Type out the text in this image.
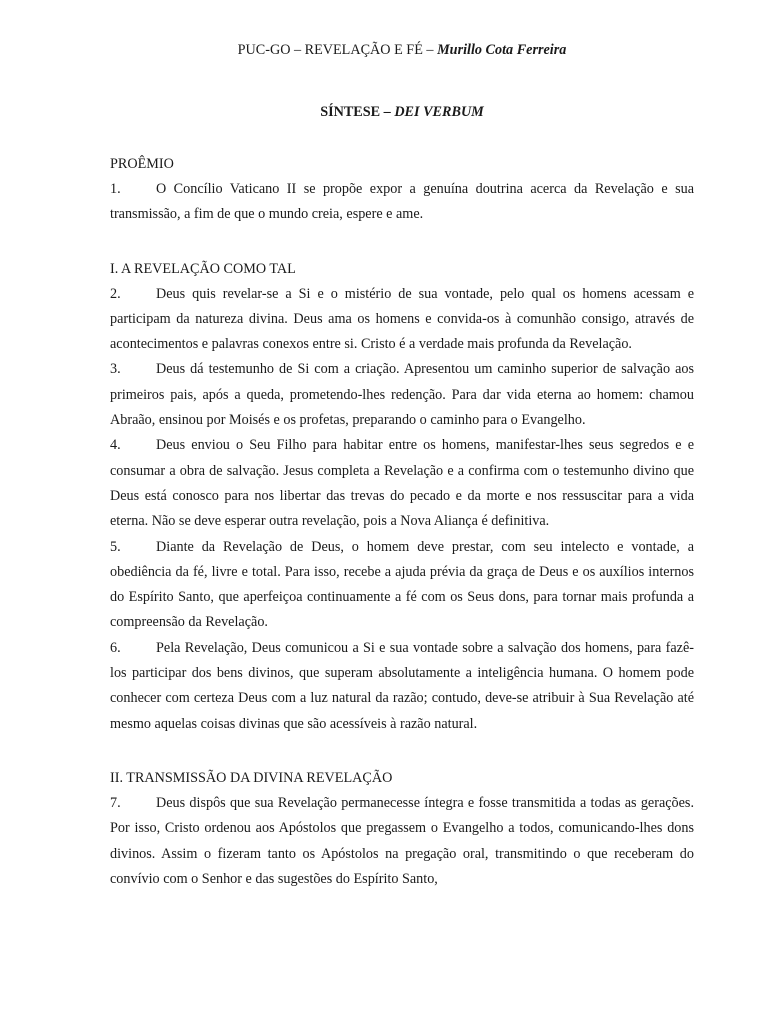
PUC-GO – REVELAÇÃO E FÉ – Murillo Cota Ferreira
SÍNTESE – DEI VERBUM
PROÊMIO

1. O Concílio Vaticano II se propõe expor a genuína doutrina acerca da Revelação e sua transmissão, a fim de que o mundo creia, espere e ame.

I. A REVELAÇÃO COMO TAL

2. Deus quis revelar-se a Si e o mistério de sua vontade, pelo qual os homens acessam e participam da natureza divina. Deus ama os homens e convida-os à comunhão consigo, através de acontecimentos e palavras conexos entre si. Cristo é a verdade mais profunda da Revelação.

3. Deus dá testemunho de Si com a criação. Apresentou um caminho superior de salvação aos primeiros pais, após a queda, prometendo-lhes redenção. Para dar vida eterna ao homem: chamou Abraão, ensinou por Moisés e os profetas, preparando o caminho para o Evangelho.

4. Deus enviou o Seu Filho para habitar entre os homens, manifestar-lhes seus segredos e e consumar a obra de salvação. Jesus completa a Revelação e a confirma com o testemunho divino que Deus está conosco para nos libertar das trevas do pecado e da morte e nos ressuscitar para a vida eterna. Não se deve esperar outra revelação, pois a Nova Aliança é definitiva.

5. Diante da Revelação de Deus, o homem deve prestar, com seu intelecto e vontade, a obediência da fé, livre e total. Para isso, recebe a ajuda prévia da graça de Deus e os auxílios internos do Espírito Santo, que aperfeiçoa continuamente a fé com os Seus dons, para tornar mais profunda a compreensão da Revelação.

6. Pela Revelação, Deus comunicou a Si e sua vontade sobre a salvação dos homens, para fazê-los participar dos bens divinos, que superam absolutamente a inteligência humana. O homem pode conhecer com certeza Deus com a luz natural da razão; contudo, deve-se atribuir à Sua Revelação até mesmo aquelas coisas divinas que são acessíveis à razão natural.

II. TRANSMISSÃO DA DIVINA REVELAÇÃO

7. Deus dispôs que sua Revelação permanecesse íntegra e fosse transmitida a todas as gerações. Por isso, Cristo ordenou aos Apóstolos que pregassem o Evangelho a todos, comunicando-lhes dons divinos. Assim o fizeram tanto os Apóstolos na pregação oral, transmitindo o que receberam do convívio com o Senhor e das sugestões do Espírito Santo,
